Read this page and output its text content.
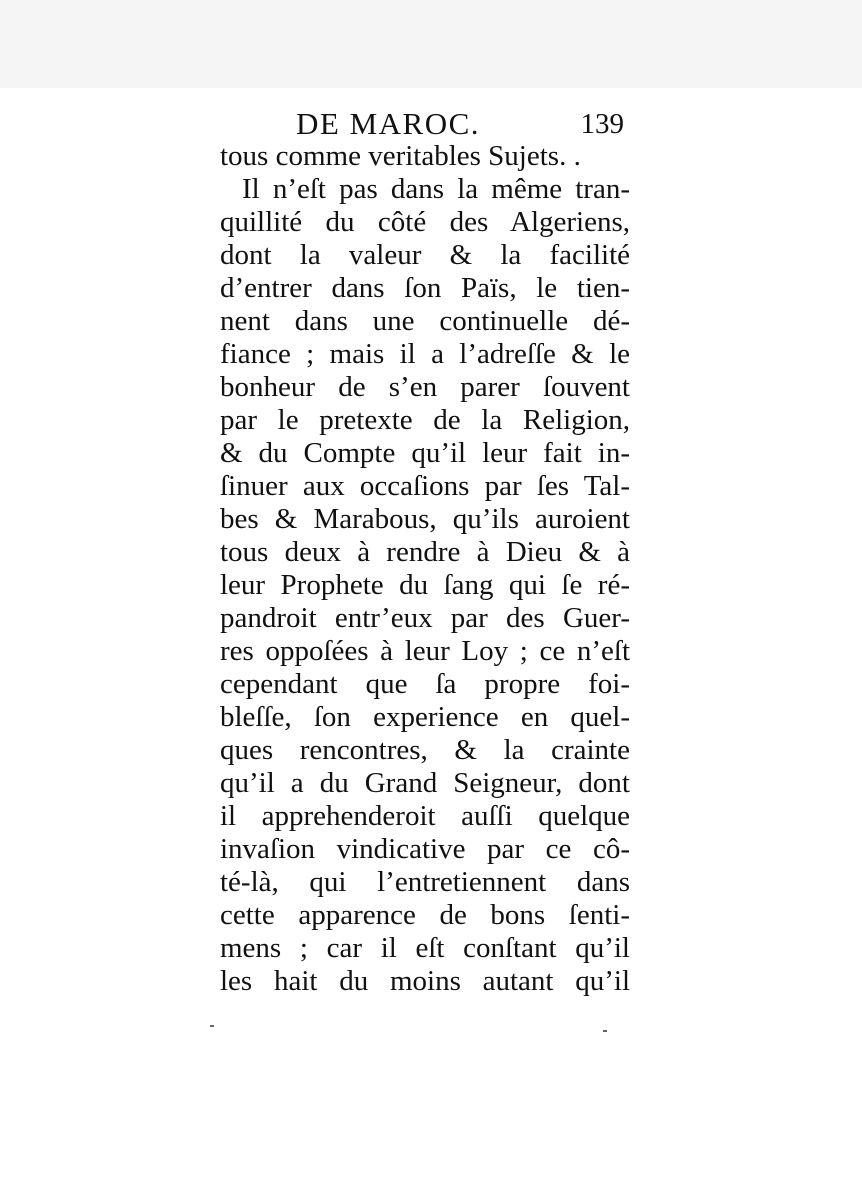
DE MAROC.	139
tous comme veritables Sujets. .
Il n’eſt pas dans la même tran-
quillité du côté des Algeriens,
dont la valeur & la facilité
d’entrer dans ſon Païs, le tien-
nent dans une continuelle dé-
fiance ; mais il a l’adreſſe & le
bonheur de s’en parer ſouvent
par le pretexte de la Religion,
& du Compte qu’il leur fait in-
ſinuer aux occaſions par ſes Tal-
bes & Marabous, qu’ils auroient
tous deux à rendre à Dieu & à
leur Prophete du ſang qui ſe ré-
pandroit entr’eux par des Guer-
res oppoſées à leur Loy ; ce n’eſt
cependant que ſa propre foi-
bleſſe, ſon experience en quel-
ques rencontres, & la crainte
qu’il a du Grand Seigneur, dont
il apprehenderoit auſſi quelque
invaſion vindicative par ce cô-
té-là, qui l’entretiennent dans
cette apparence de bons ſenti-
mens ; car il eſt conſtant qu’il
les hait du moins autant qu’il
